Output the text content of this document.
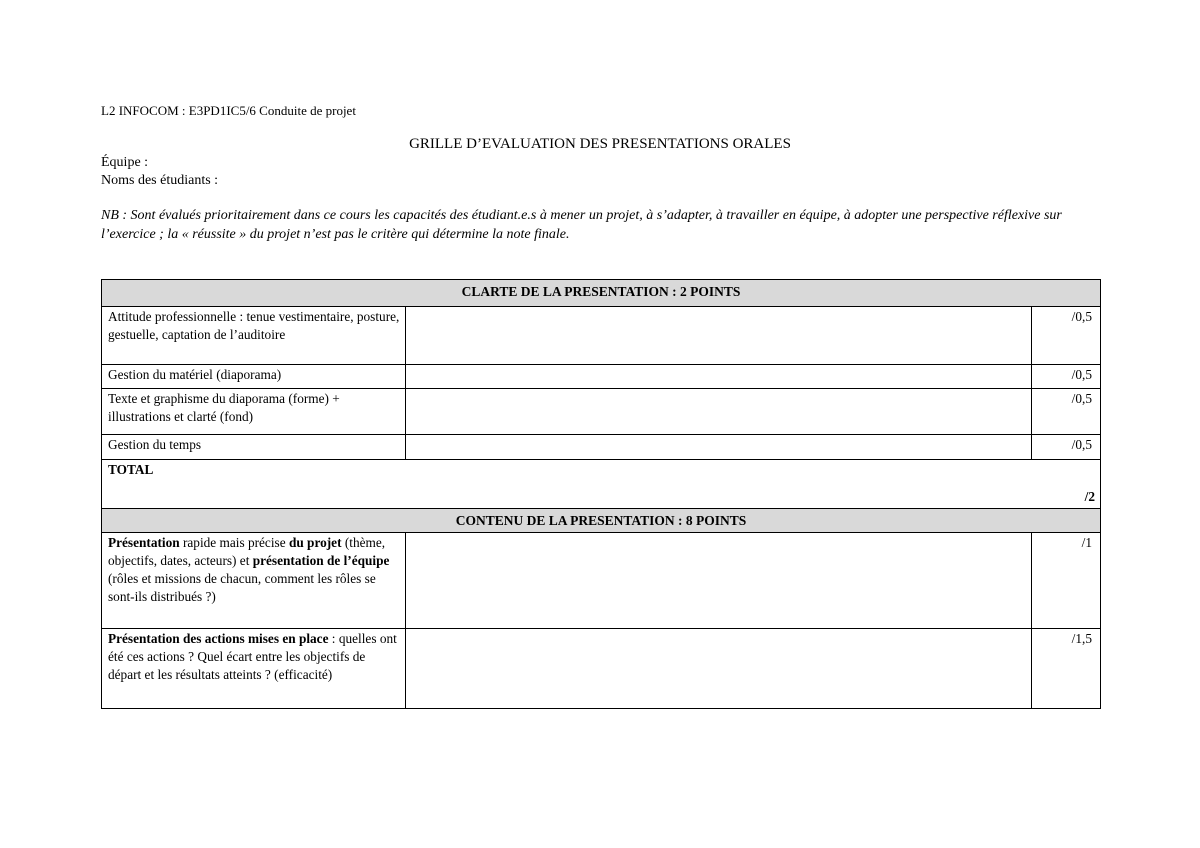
L2 INFOCOM : E3PD1IC5/6 Conduite de projet
GRILLE D’EVALUATION DES PRESENTATIONS ORALES
Équipe :
Noms des étudiants :
NB : Sont évalués prioritairement dans ce cours les capacités des étudiant.e.s à mener un projet, à s’adapter, à travailler en équipe, à adopter une perspective réflexive sur l’exercice ; la « réussite » du projet n’est pas le critère qui détermine la note finale.
CLARTE DE LA PRESENTATION : 2 POINTS		
Attitude professionnelle : tenue vestimentaire, posture, gestuelle, captation de l’auditoire		/0,5
Gestion du matériel (diaporama)		/0,5
Texte et graphisme du diaporama (forme) + illustrations et clarté (fond)		/0,5
Gestion du temps		/0,5

TOTAL
/2		

CONTENU DE LA PRESENTATION : 8 POINTS		
Présentation rapide mais précise du projet (thème, objectifs, dates, acteurs) et présentation de l’équipe (rôles et missions de chacun, comment les rôles se sont-ils distribués ?)		/1
Présentation des actions mises en place : quelles ont été ces actions ? Quel écart entre les objectifs de départ et les résultats atteints ? (efficacité)		/1,5
